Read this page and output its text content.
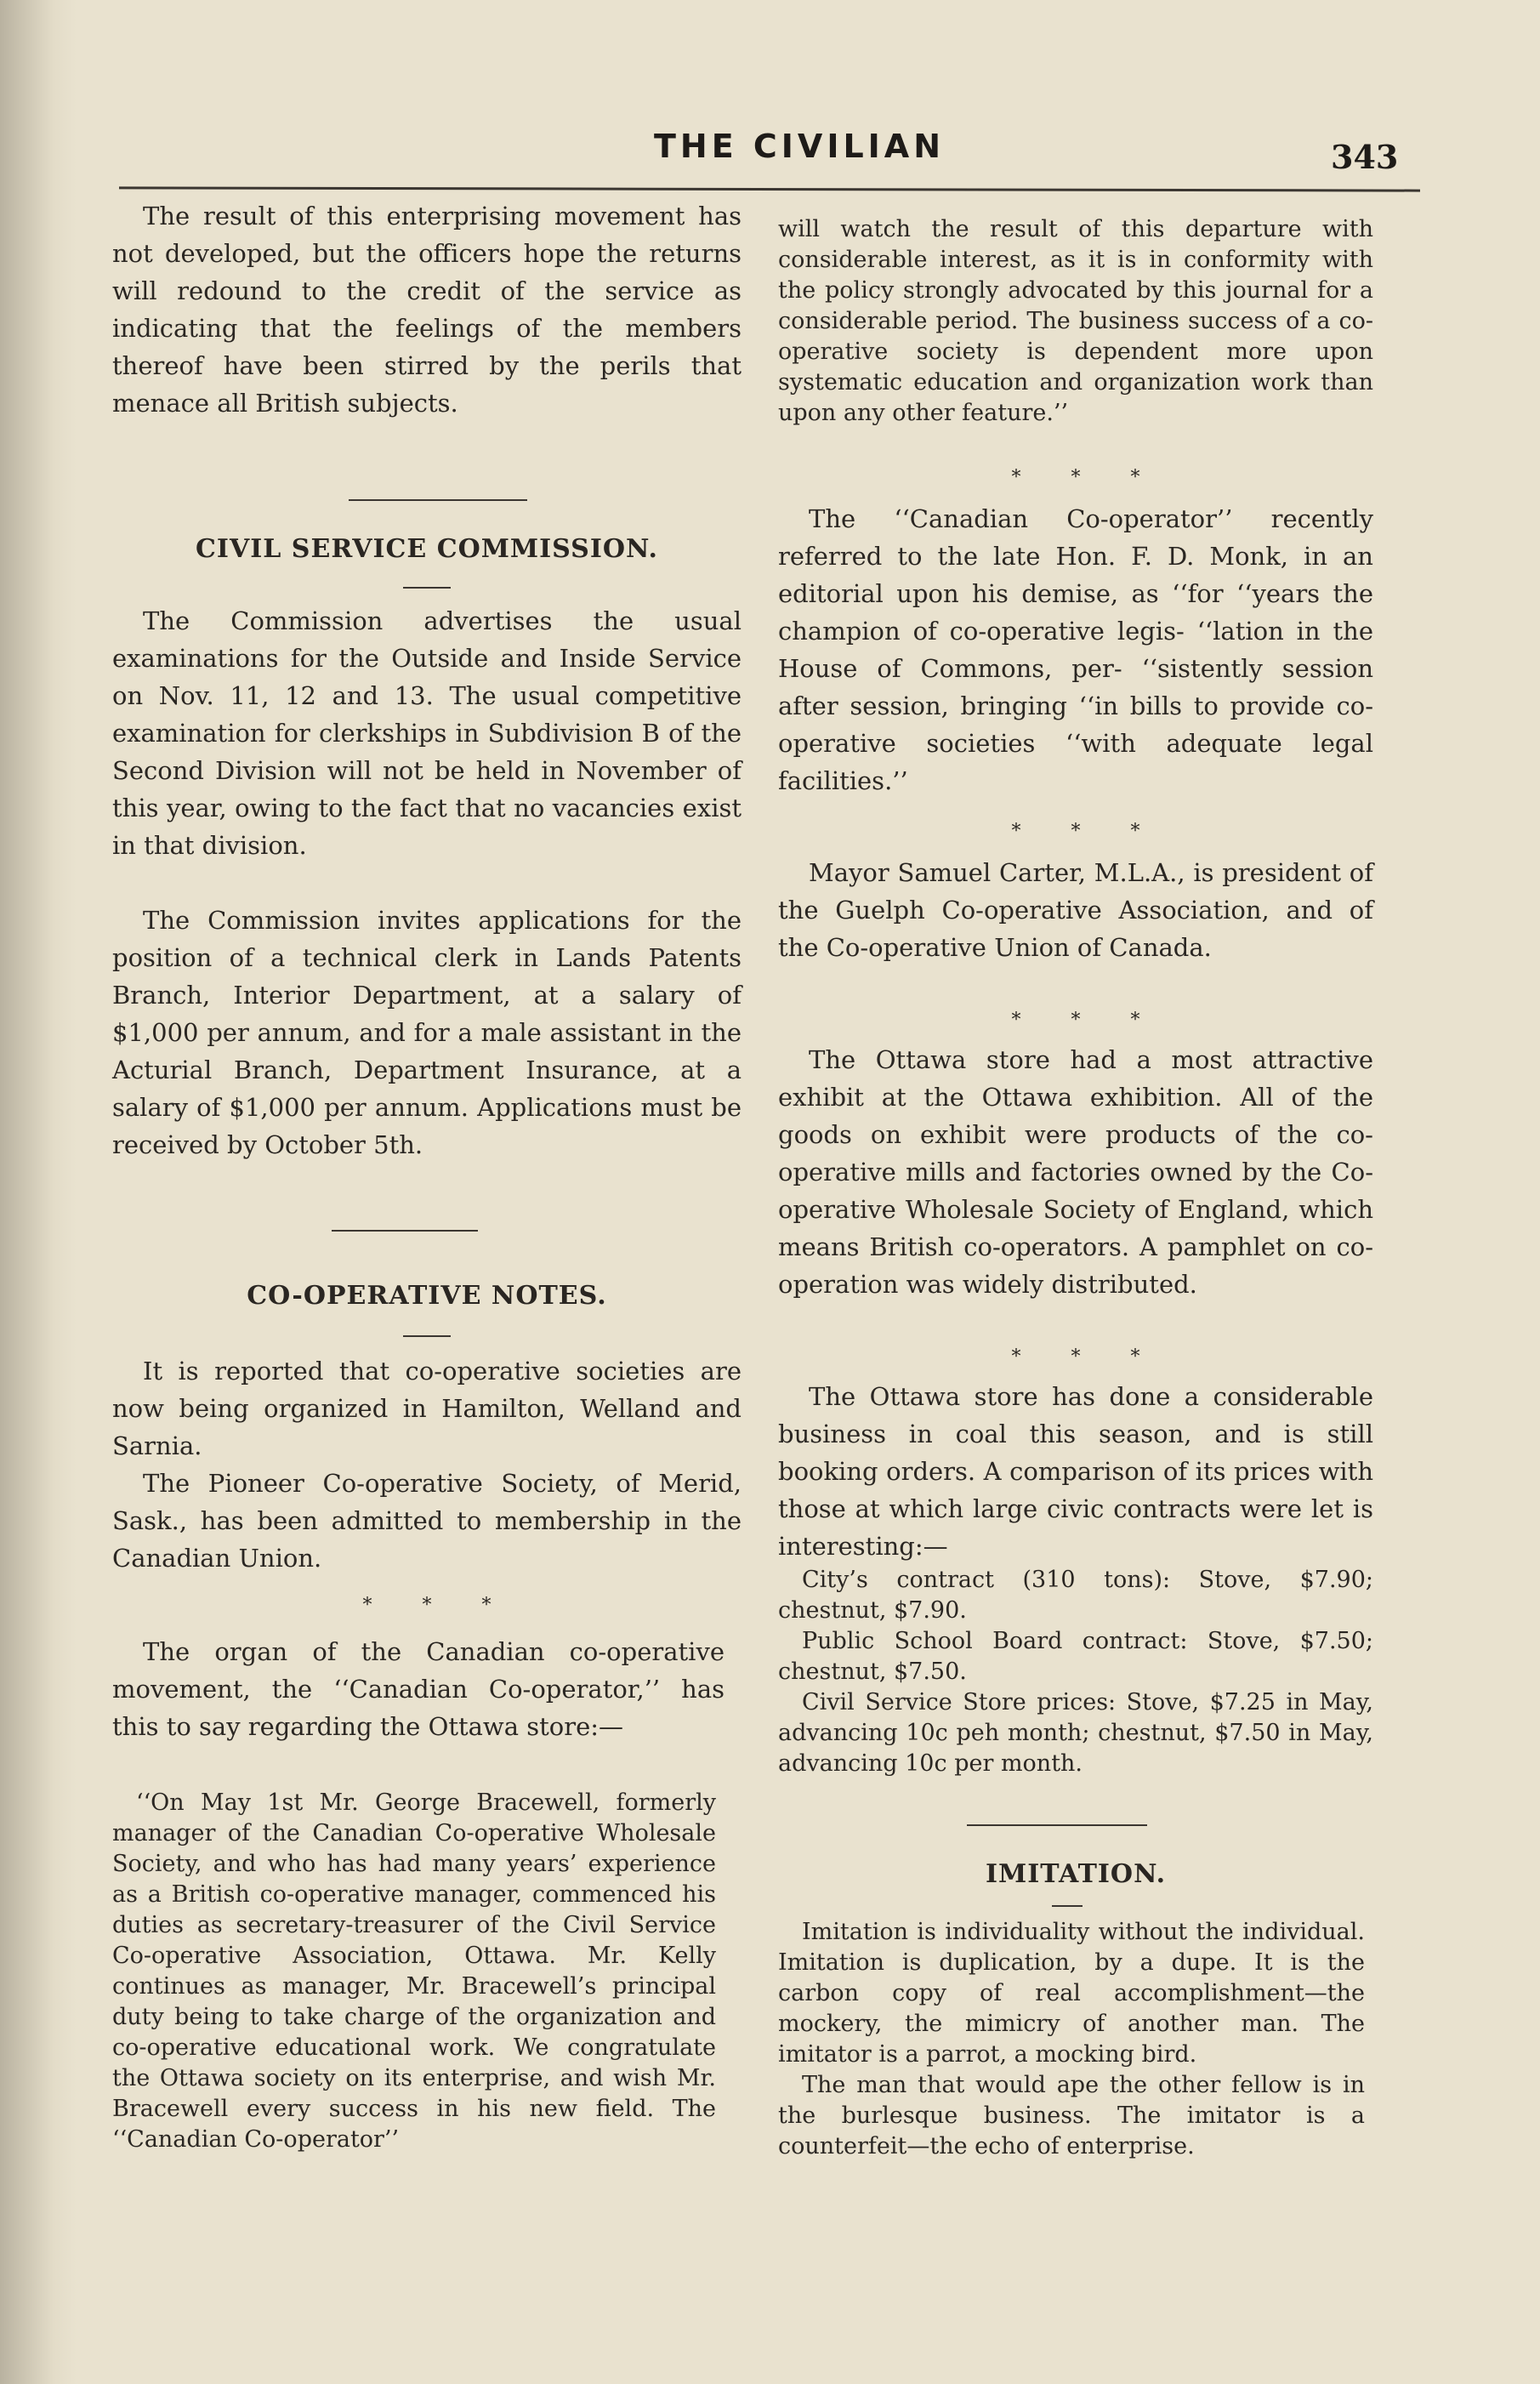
THE CIVILIAN	343

The result of this enterprising movement has not developed, but the officers hope the returns will redound to the credit of the service as indicating that the feelings of the members thereof have been stirred by the perils that menace all British subjects.

CIVIL SERVICE COMMISSION.

The Commission advertises the usual examinations for the Outside and Inside Service on Nov. 11, 12 and 13. The usual competitive examination for clerkships in Subdivision B of the Second Division will not be held in November of this year, owing to the fact that no vacancies exist in that division.

The Commission invites applications for the position of a technical clerk in Lands Patents Branch, Interior Department, at a salary of $1,000 per annum, and for a male assistant in the Acturial Branch, Department Insurance, at a salary of $1,000 per annum. Applications must be received by October 5th.

CO-OPERATIVE NOTES.

It is reported that co-operative societies are now being organized in Hamilton, Welland and Sarnia.

The Pioneer Co-operative Society, of Merid, Sask., has been admitted to membership in the Canadian Union.

* * *

The organ of the Canadian co-operative movement, the ‘‘Canadian Co-operator,’’ has this to say regarding the Ottawa store:—

‘‘On May 1st Mr. George Bracewell, formerly manager of the Canadian Co-operative Wholesale Society, and who has had many years’ experience as a British co-operative manager, commenced his duties as secretary-treasurer of the Civil Service Co-operative Association, Ottawa. Mr. Kelly continues as manager, Mr. Bracewell’s principal duty being to take charge of the organization and co-operative educational work. We congratulate the Ottawa society on its enterprise, and wish Mr. Bracewell every success in his new field. The ‘‘Canadian Co-operator’’

will watch the result of this departure with considerable interest, as it is in conformity with the policy strongly advocated by this journal for a considerable period. The business success of a co-operative society is dependent more upon systematic education and organization work than upon any other feature.’’

* * *

The ‘‘Canadian Co-operator’’ recently referred to the late Hon. F. D. Monk, in an editorial upon his demise, as ‘‘for ‘‘years the champion of co-operative legis- ‘‘lation in the House of Commons, per- ‘‘sistently session after session, bringing ‘‘in bills to provide co-operative societies ‘‘with adequate legal facilities.’’

* * *

Mayor Samuel Carter, M.L.A., is president of the Guelph Co-operative Association, and of the Co-operative Union of Canada.

* * *

The Ottawa store had a most attractive exhibit at the Ottawa exhibition. All of the goods on exhibit were products of the co-operative mills and factories owned by the Co-operative Wholesale Society of England, which means British co-operators. A pamphlet on co-operation was widely distributed.

* * *

The Ottawa store has done a considerable business in coal this season, and is still booking orders. A comparison of its prices with those at which large civic contracts were let is interesting:—

City’s contract (310 tons): Stove, $7.90; chestnut, $7.90.

Public School Board contract: Stove, $7.50; chestnut, $7.50.

Civil Service Store prices: Stove, $7.25 in May, advancing 10c peh month; chestnut, $7.50 in May, advancing 10c per month.

IMITATION.

Imitation is individuality without the individual. Imitation is duplication, by a dupe. It is the carbon copy of real accomplishment—the mockery, the mimicry of another man. The imitator is a parrot, a mocking bird.

The man that would ape the other fellow is in the burlesque business. The imitator is a counterfeit—the echo of enterprise.
